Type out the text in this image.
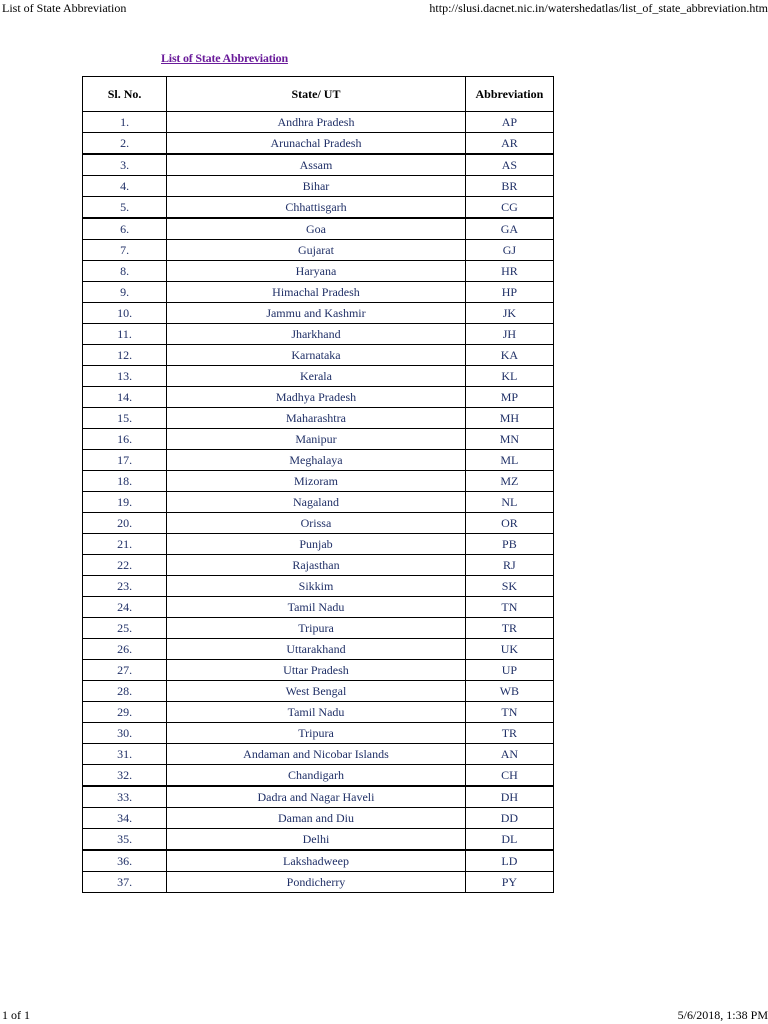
List of State Abbreviation	http://slusi.dacnet.nic.in/watershedatlas/list_of_state_abbreviation.htm
List of State Abbreviation
Sl. No.	State/ UT	Abbreviation
1.	Andhra Pradesh	AP
2.	Arunachal Pradesh	AR
3.	Assam	AS
4.	Bihar	BR
5.	Chhattisgarh	CG
6.	Goa	GA
7.	Gujarat	GJ
8.	Haryana	HR
9.	Himachal Pradesh	HP
10.	Jammu and Kashmir	JK
11.	Jharkhand	JH
12.	Karnataka	KA
13.	Kerala	KL
14.	Madhya Pradesh	MP
15.	Maharashtra	MH
16.	Manipur	MN
17.	Meghalaya	ML
18.	Mizoram	MZ
19.	Nagaland	NL
20.	Orissa	OR
21.	Punjab	PB
22.	Rajasthan	RJ
23.	Sikkim	SK
24.	Tamil Nadu	TN
25.	Tripura	TR
26.	Uttarakhand	UK
27.	Uttar Pradesh	UP
28.	West Bengal	WB
29.	Tamil Nadu	TN
30.	Tripura	TR
31.	Andaman and Nicobar Islands	AN
32.	Chandigarh	CH
33.	Dadra and Nagar Haveli	DH
34.	Daman and Diu	DD
35.	Delhi	DL
36.	Lakshadweep	LD
37.	Pondicherry	PY
1 of 1	5/6/2018, 1:38 PM
